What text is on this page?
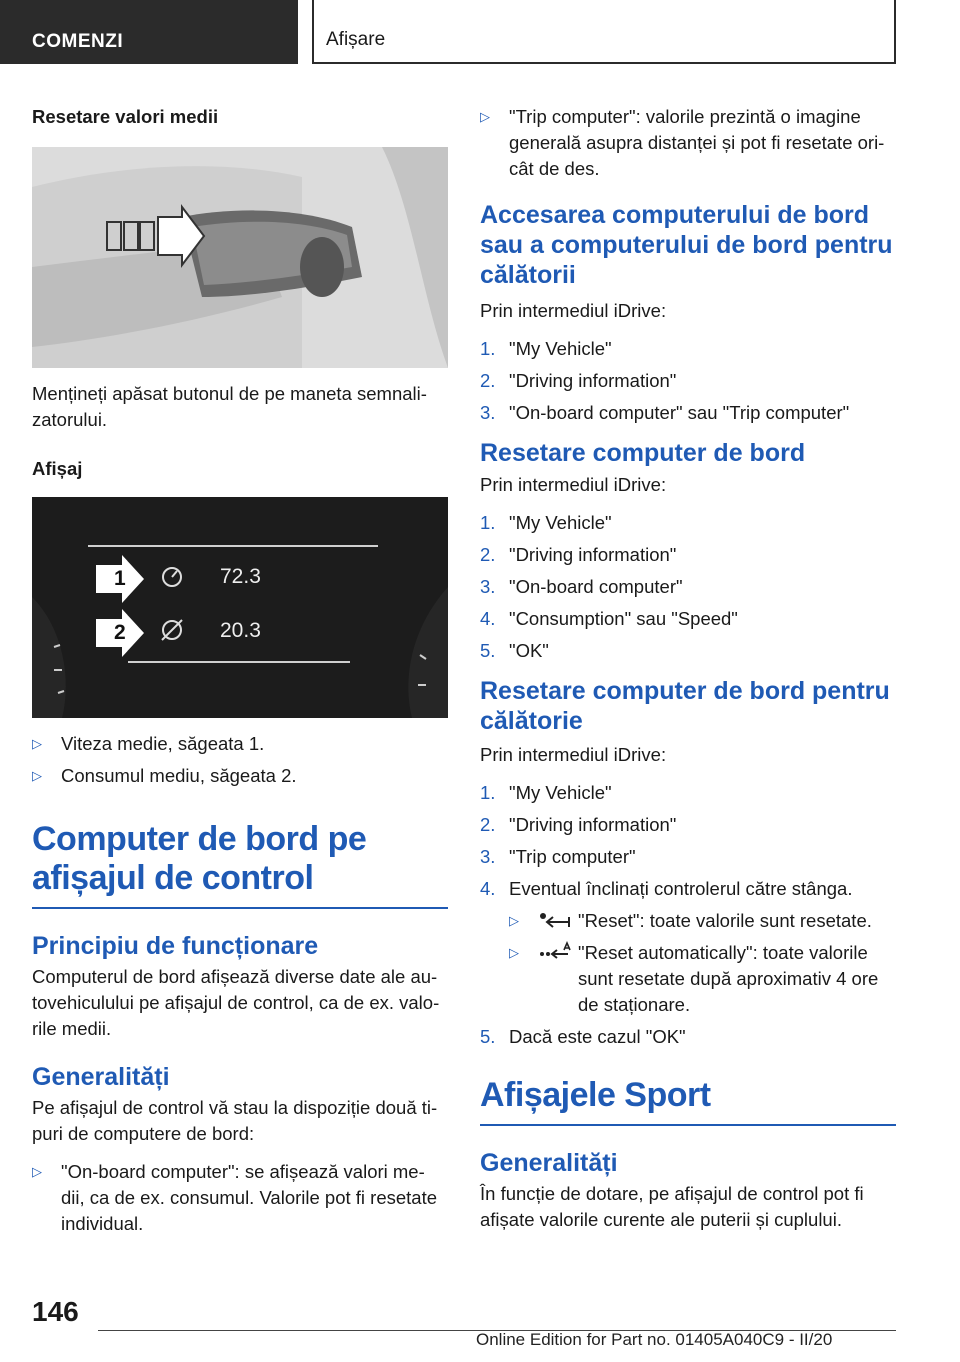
COMENZI	Afișare
Resetare valori medii
Mențineți apăsat butonul de pe maneta semnali-zatorului.
Afișaj
1
2
72.3
20.3
▷	Viteza medie, săgeata 1.
▷	Consumul mediu, săgeata 2.
Computer de bord pe afișajul de control
Principiu de funcționare
Computerul de bord afișează diverse date ale au-tovehiculului pe afișajul de control, ca de ex. valo-rile medii.
Generalități
Pe afișajul de control vă stau la dispoziție două ti-puri de computere de bord:
▷	"On-board computer": se afișează valori me-dii, ca de ex. consumul. Valorile pot fi resetate individual.
▷	"Trip computer": valorile prezintă o imagine generală asupra distanței și pot fi resetate ori-cât de des.
Accesarea computerului de bord sau a computerului de bord pentru călătorii
Prin intermediul iDrive:
1. "My Vehicle"
2. "Driving information"
3. "On-board computer" sau "Trip computer"
Resetare computer de bord
Prin intermediul iDrive:
1. "My Vehicle"
2. "Driving information"
3. "On-board computer"
4. "Consumption" sau "Speed"
5. "OK"
Resetare computer de bord pentru călătorie
Prin intermediul iDrive:
1. "My Vehicle"
2. "Driving information"
3. "Trip computer"
4. Eventual înclinați controlerul către stânga.
▷	"Reset": toate valorile sunt resetate.
▷	"Reset automatically": toate valorile sunt resetate după aproximativ 4 ore de staționare.
5. Dacă este cazul "OK"
Afișajele Sport
Generalități
În funcție de dotare, pe afișajul de control pot fi afișate valorile curente ale puterii și cuplului.
146
Online Edition for Part no. 01405A040C9 - II/20
